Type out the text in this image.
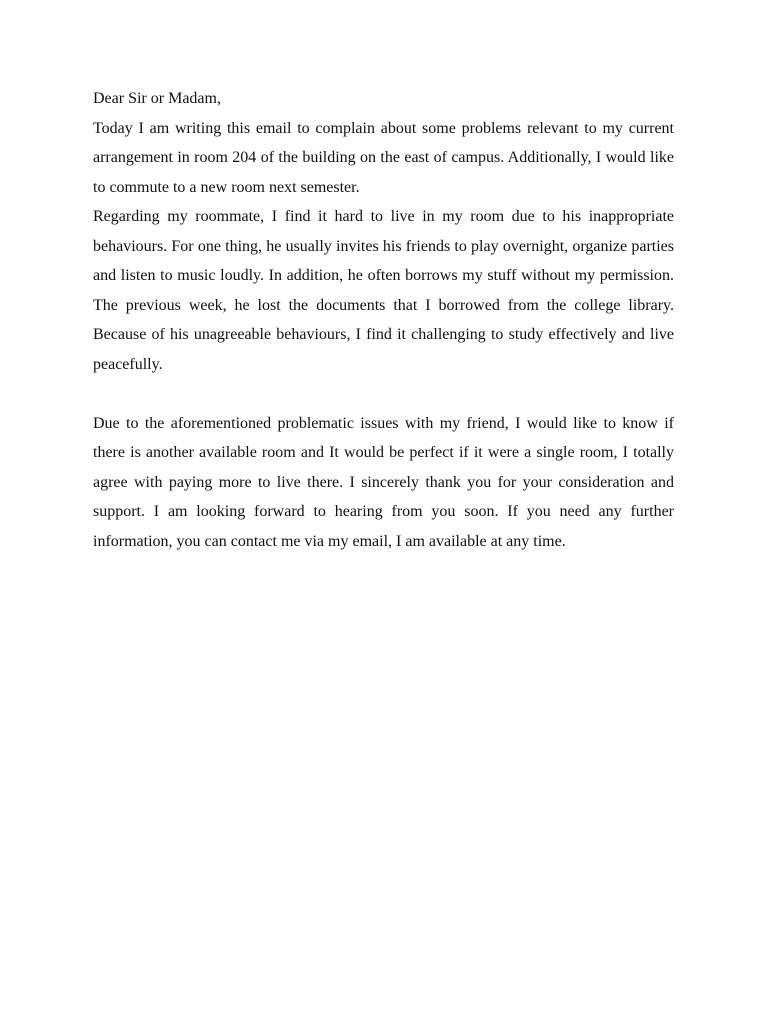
Dear Sir or Madam,

Today I am writing this email to complain about some problems relevant to my current arrangement in room 204 of the building on the east of campus. Additionally, I would like to commute to a new room next semester.

Regarding my roommate, I find it hard to live in my room due to his inappropriate behaviours. For one thing, he usually invites his friends to play overnight, organize parties and listen to music loudly. In addition, he often borrows my stuff without my permission. The previous week, he lost the documents that I borrowed from the college library. Because of his unagreeable behaviours, I find it challenging to study effectively and live peacefully.

Due to the aforementioned problematic issues with my friend, I would like to know if there is another available room and It would be perfect if it were a single room, I totally agree with paying more to live there. I sincerely thank you for your consideration and support. I am looking forward to hearing from you soon. If you need any further information, you can contact me via my email, I am available at any time.
